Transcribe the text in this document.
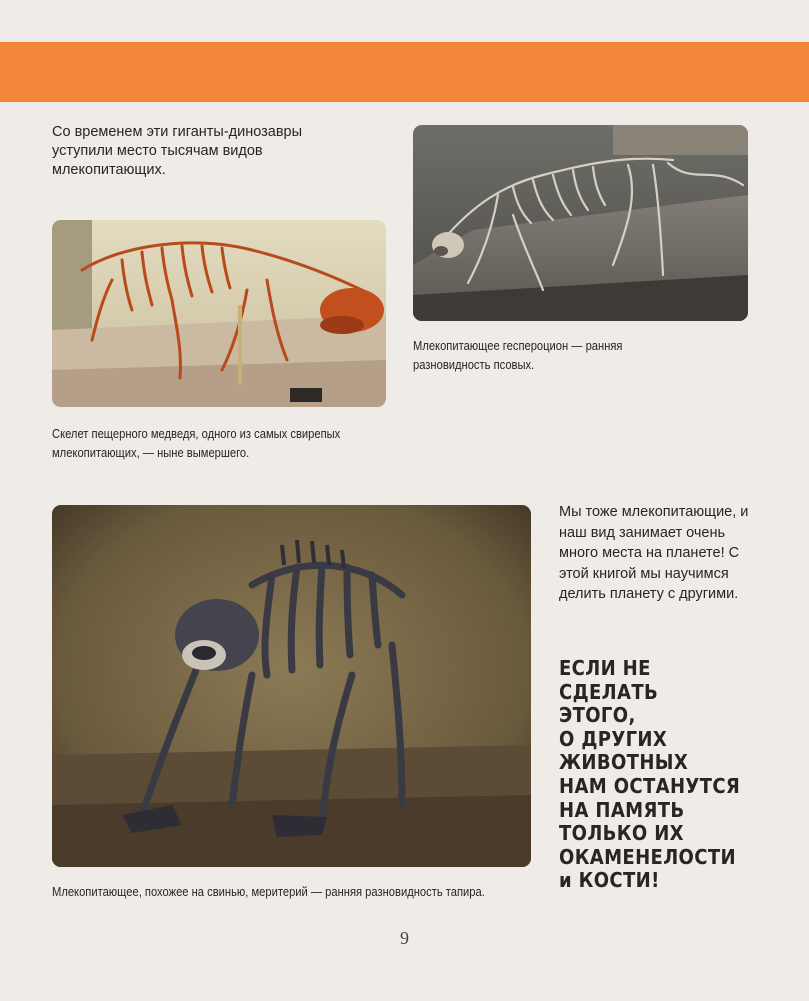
Со временем эти гиганты-динозавры уступили место тысячам видов млекопитающих.

Млекопитающее гесперoцион — ранняя разновидность псовых.

Скелет пещерного медведя, одного из самых свирепых млекопитающих, — ныне вымершего.

Млекопитающее, похожее на свинью, меритерий — ранняя разновидность тапира.

Мы тоже млекопитающие, и наш вид занимает очень много места на планете! С этой книгой мы научимся делить планету с другими.

ЕСЛИ НЕ СДЕЛАТЬ
ЭТОГО,
О ДРУГИХ
ЖИВОТНЫХ
НАМ ОСТАНУТСЯ
НА ПАМЯТЬ
ТОЛЬКО ИХ
ОКАМЕНЕЛОСТИ
и КОСТИ!

9
